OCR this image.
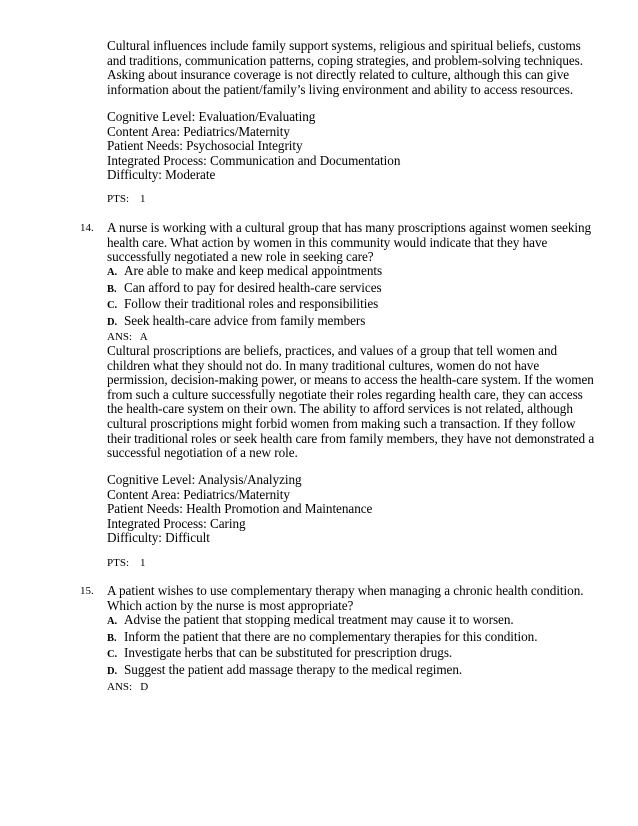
Cultural influences include family support systems, religious and spiritual beliefs, customs
and traditions, communication patterns, coping strategies, and problem-solving techniques.
Asking about insurance coverage is not directly related to culture, although this can give
information about the patient/family’s living environment and ability to access resources.
Cognitive Level: Evaluation/Evaluating
Content Area: Pediatrics/Maternity
Patient Needs: Psychosocial Integrity
Integrated Process: Communication and Documentation
Difficulty: Moderate
PTS:    1
14. A nurse is working with a cultural group that has many proscriptions against women seeking
health care. What action by women in this community would indicate that they have
successfully negotiated a new role in seeking care?
A. Are able to make and keep medical appointments
B. Can afford to pay for desired health-care services
C. Follow their traditional roles and responsibilities
D. Seek health-care advice from family members
ANS:   A
Cultural proscriptions are beliefs, practices, and values of a group that tell women and
children what they should not do. In many traditional cultures, women do not have
permission, decision-making power, or means to access the health-care system. If the women
from such a culture successfully negotiate their roles regarding health care, they can access
the health-care system on their own. The ability to afford services is not related, although
cultural proscriptions might forbid women from making such a transaction. If they follow
their traditional roles or seek health care from family members, they have not demonstrated a
successful negotiation of a new role.
Cognitive Level: Analysis/Analyzing
Content Area: Pediatrics/Maternity
Patient Needs: Health Promotion and Maintenance
Integrated Process: Caring
Difficulty: Difficult
PTS:    1
15. A patient wishes to use complementary therapy when managing a chronic health condition.
Which action by the nurse is most appropriate?
A. Advise the patient that stopping medical treatment may cause it to worsen.
B. Inform the patient that there are no complementary therapies for this condition.
C. Investigate herbs that can be substituted for prescription drugs.
D. Suggest the patient add massage therapy to the medical regimen.
ANS:   D
